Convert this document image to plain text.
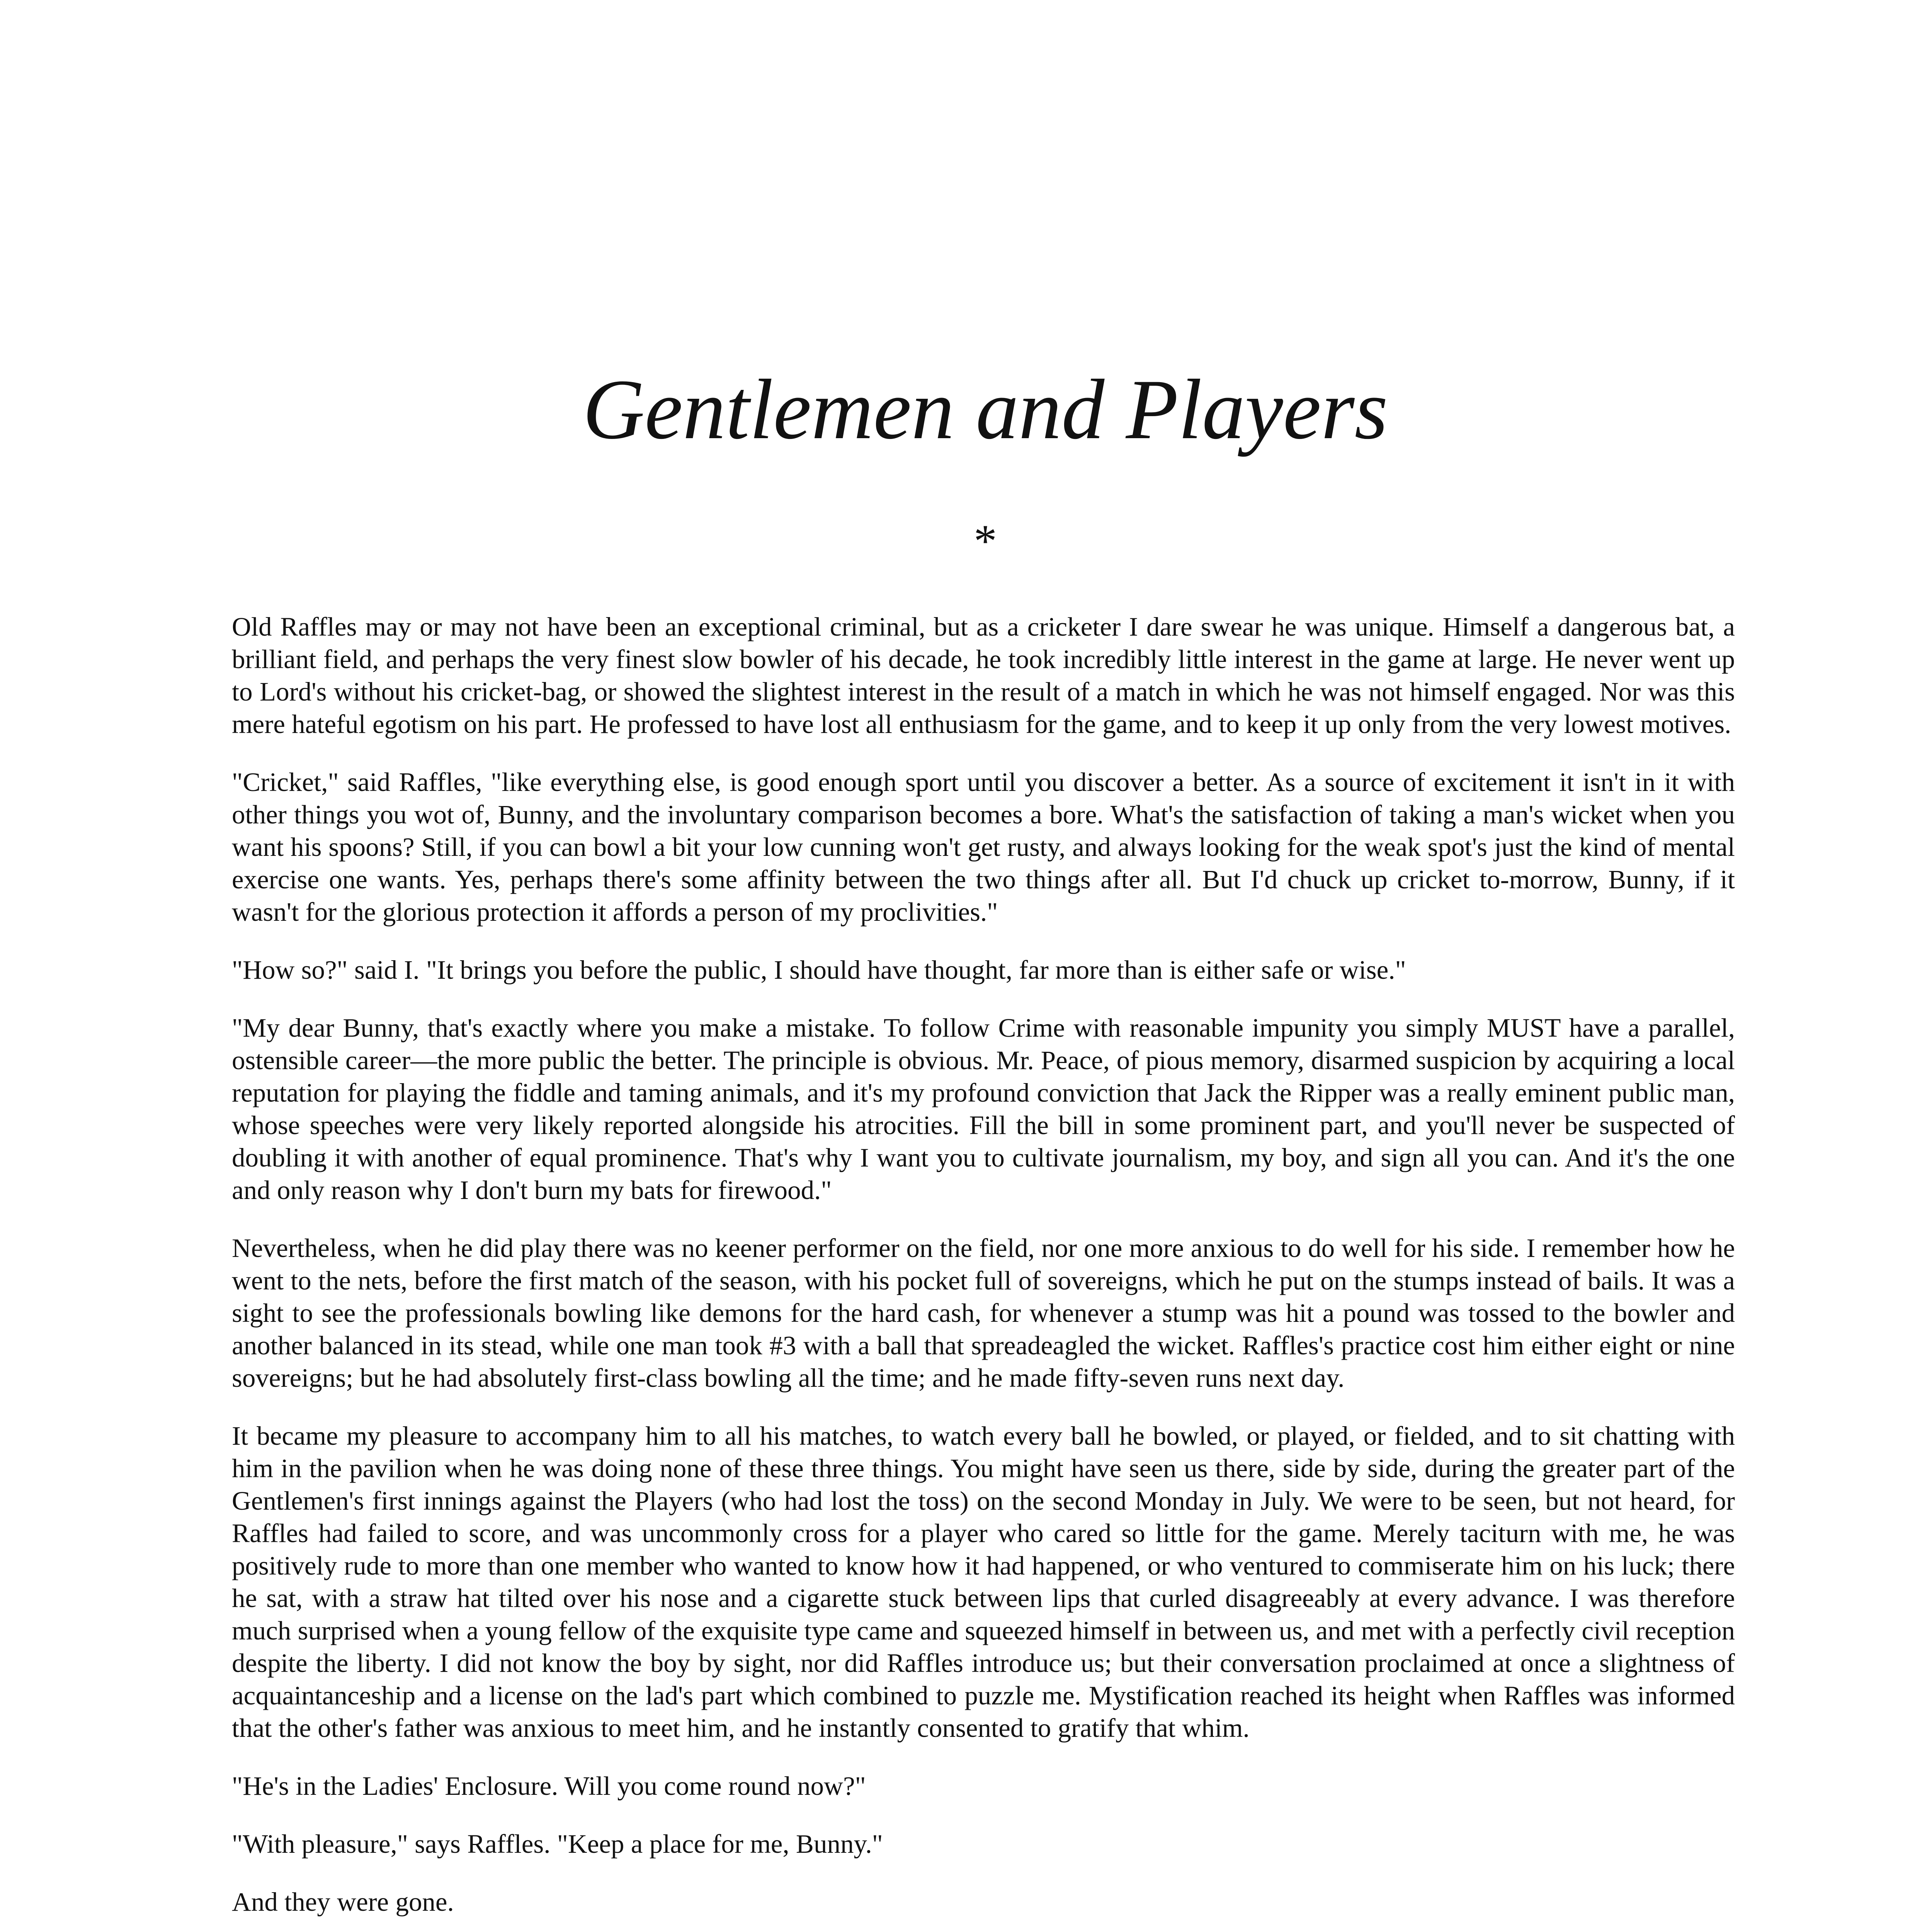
Gentlemen and Players
*

Old Raffles may or may not have been an exceptional criminal, but as a cricketer I dare swear he was unique. Himself a dangerous bat, a brilliant field, and perhaps the very finest slow bowler of his decade, he took incredibly little interest in the game at large. He never went up to Lord's without his cricket-bag, or showed the slightest interest in the result of a match in which he was not himself engaged. Nor was this mere hateful egotism on his part. He professed to have lost all enthusiasm for the game, and to keep it up only from the very lowest motives.

"Cricket," said Raffles, "like everything else, is good enough sport until you discover a better. As a source of excitement it isn't in it with other things you wot of, Bunny, and the involuntary comparison becomes a bore. What's the satisfaction of taking a man's wicket when you want his spoons? Still, if you can bowl a bit your low cunning won't get rusty, and always looking for the weak spot's just the kind of mental exercise one wants. Yes, perhaps there's some affinity between the two things after all. But I'd chuck up cricket to-morrow, Bunny, if it wasn't for the glorious protection it affords a person of my proclivities."

"How so?" said I. "It brings you before the public, I should have thought, far more than is either safe or wise."

"My dear Bunny, that's exactly where you make a mistake. To follow Crime with reasonable impunity you simply MUST have a parallel, ostensible career—the more public the better. The principle is obvious. Mr. Peace, of pious memory, disarmed suspicion by acquiring a local reputation for playing the fiddle and taming animals, and it's my profound conviction that Jack the Ripper was a really eminent public man, whose speeches were very likely reported alongside his atrocities. Fill the bill in some prominent part, and you'll never be suspected of doubling it with another of equal prominence. That's why I want you to cultivate journalism, my boy, and sign all you can. And it's the one and only reason why I don't burn my bats for firewood."

Nevertheless, when he did play there was no keener performer on the field, nor one more anxious to do well for his side. I remember how he went to the nets, before the first match of the season, with his pocket full of sovereigns, which he put on the stumps instead of bails. It was a sight to see the professionals bowling like demons for the hard cash, for whenever a stump was hit a pound was tossed to the bowler and another balanced in its stead, while one man took #3 with a ball that spreadeagled the wicket. Raffles's practice cost him either eight or nine sovereigns; but he had absolutely first-class bowling all the time; and he made fifty-seven runs next day.

It became my pleasure to accompany him to all his matches, to watch every ball he bowled, or played, or fielded, and to sit chatting with him in the pavilion when he was doing none of these three things. You might have seen us there, side by side, during the greater part of the Gentlemen's first innings against the Players (who had lost the toss) on the second Monday in July. We were to be seen, but not heard, for Raffles had failed to score, and was uncommonly cross for a player who cared so little for the game. Merely taciturn with me, he was positively rude to more than one member who wanted to know how it had happened, or who ventured to commiserate him on his luck; there he sat, with a straw hat tilted over his nose and a cigarette stuck between lips that curled disagreeably at every advance. I was therefore much surprised when a young fellow of the exquisite type came and squeezed himself in between us, and met with a perfectly civil reception despite the liberty. I did not know the boy by sight, nor did Raffles introduce us; but their conversation proclaimed at once a slightness of acquaintanceship and a license on the lad's part which combined to puzzle me. Mystification reached its height when Raffles was informed that the other's father was anxious to meet him, and he instantly consented to gratify that whim.

"He's in the Ladies' Enclosure. Will you come round now?"

"With pleasure," says Raffles. "Keep a place for me, Bunny."

And they were gone.
